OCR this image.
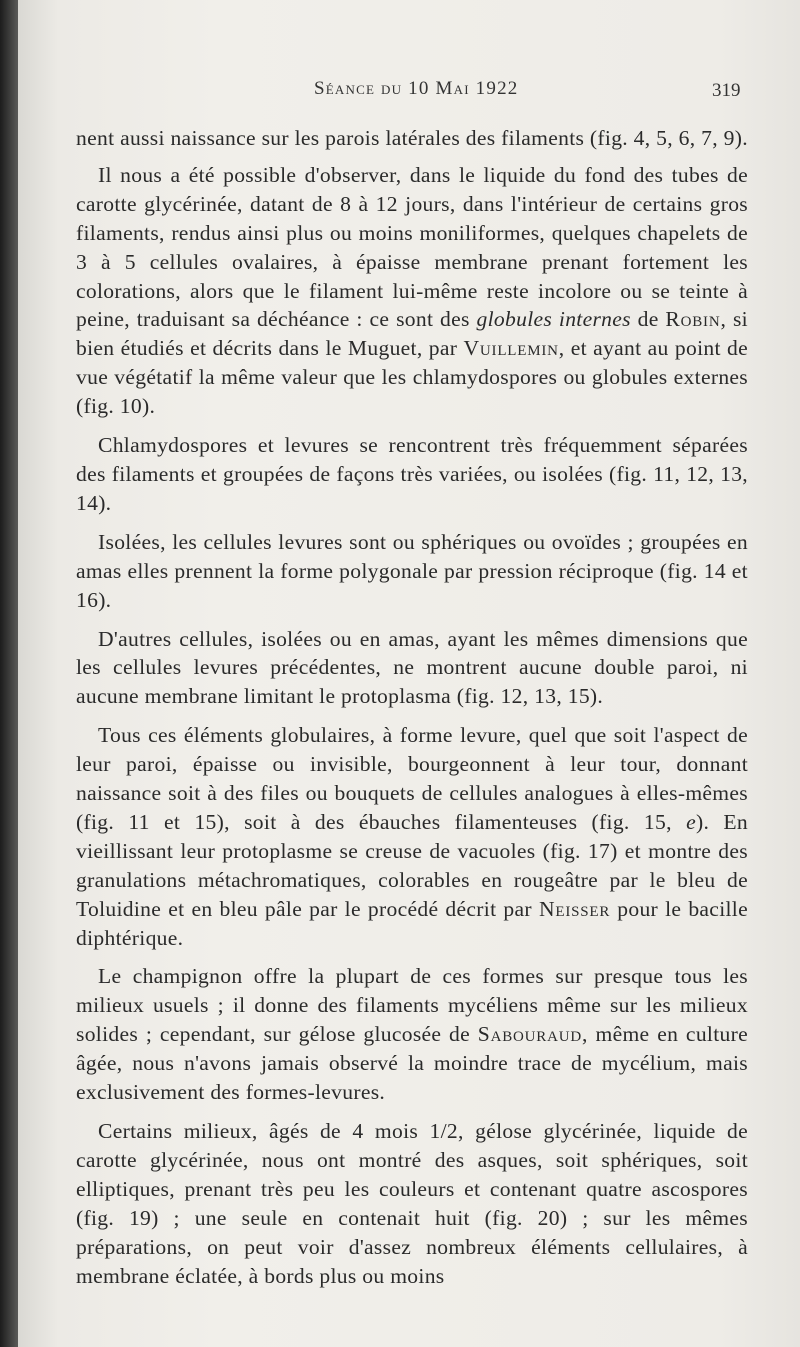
Séance du 10 Mai 1922	319

nent aussi naissance sur les parois latérales des filaments (fig. 4, 5, 6, 7, 9).

Il nous a été possible d'observer, dans le liquide du fond des tubes de carotte glycérinée, datant de 8 à 12 jours, dans l'intérieur de certains gros filaments, rendus ainsi plus ou moins moniliformes, quelques chapelets de 3 à 5 cellules ovalaires, à épaisse membrane prenant fortement les colorations, alors que le filament lui-même reste incolore ou se teinte à peine, traduisant sa déchéance : ce sont des globules internes de Robin, si bien étudiés et décrits dans le Muguet, par Vuillemin, et ayant au point de vue végétatif la même valeur que les chlamydospores ou globules externes (fig. 10).

Chlamydospores et levures se rencontrent très fréquemment séparées des filaments et groupées de façons très variées, ou isolées (fig. 11, 12, 13, 14).

Isolées, les cellules levures sont ou sphériques ou ovoïdes ; groupées en amas elles prennent la forme polygonale par pression réciproque (fig. 14 et 16).

D'autres cellules, isolées ou en amas, ayant les mêmes dimensions que les cellules levures précédentes, ne montrent aucune double paroi, ni aucune membrane limitant le protoplasma (fig. 12, 13, 15).

Tous ces éléments globulaires, à forme levure, quel que soit l'aspect de leur paroi, épaisse ou invisible, bourgeonnent à leur tour, donnant naissance soit à des files ou bouquets de cellules analogues à elles-mêmes (fig. 11 et 15), soit à des ébauches filamenteuses (fig. 15, e). En vieillissant leur protoplasme se creuse de vacuoles (fig. 17) et montre des granulations métachromatiques, colorables en rougeâtre par le bleu de Toluidine et en bleu pâle par le procédé décrit par Neisser pour le bacille diphtérique.

Le champignon offre la plupart de ces formes sur presque tous les milieux usuels ; il donne des filaments mycéliens même sur les milieux solides ; cependant, sur gélose glucosée de Sabouraud, même en culture âgée, nous n'avons jamais observé la moindre trace de mycélium, mais exclusivement des formes-levures.

Certains milieux, âgés de 4 mois 1/2, gélose glycérinée, liquide de carotte glycérinée, nous ont montré des asques, soit sphériques, soit elliptiques, prenant très peu les couleurs et contenant quatre ascospores (fig. 19) ; une seule en contenait huit (fig. 20) ; sur les mêmes préparations, on peut voir d'assez nombreux éléments cellulaires, à membrane éclatée, à bords plus ou moins
